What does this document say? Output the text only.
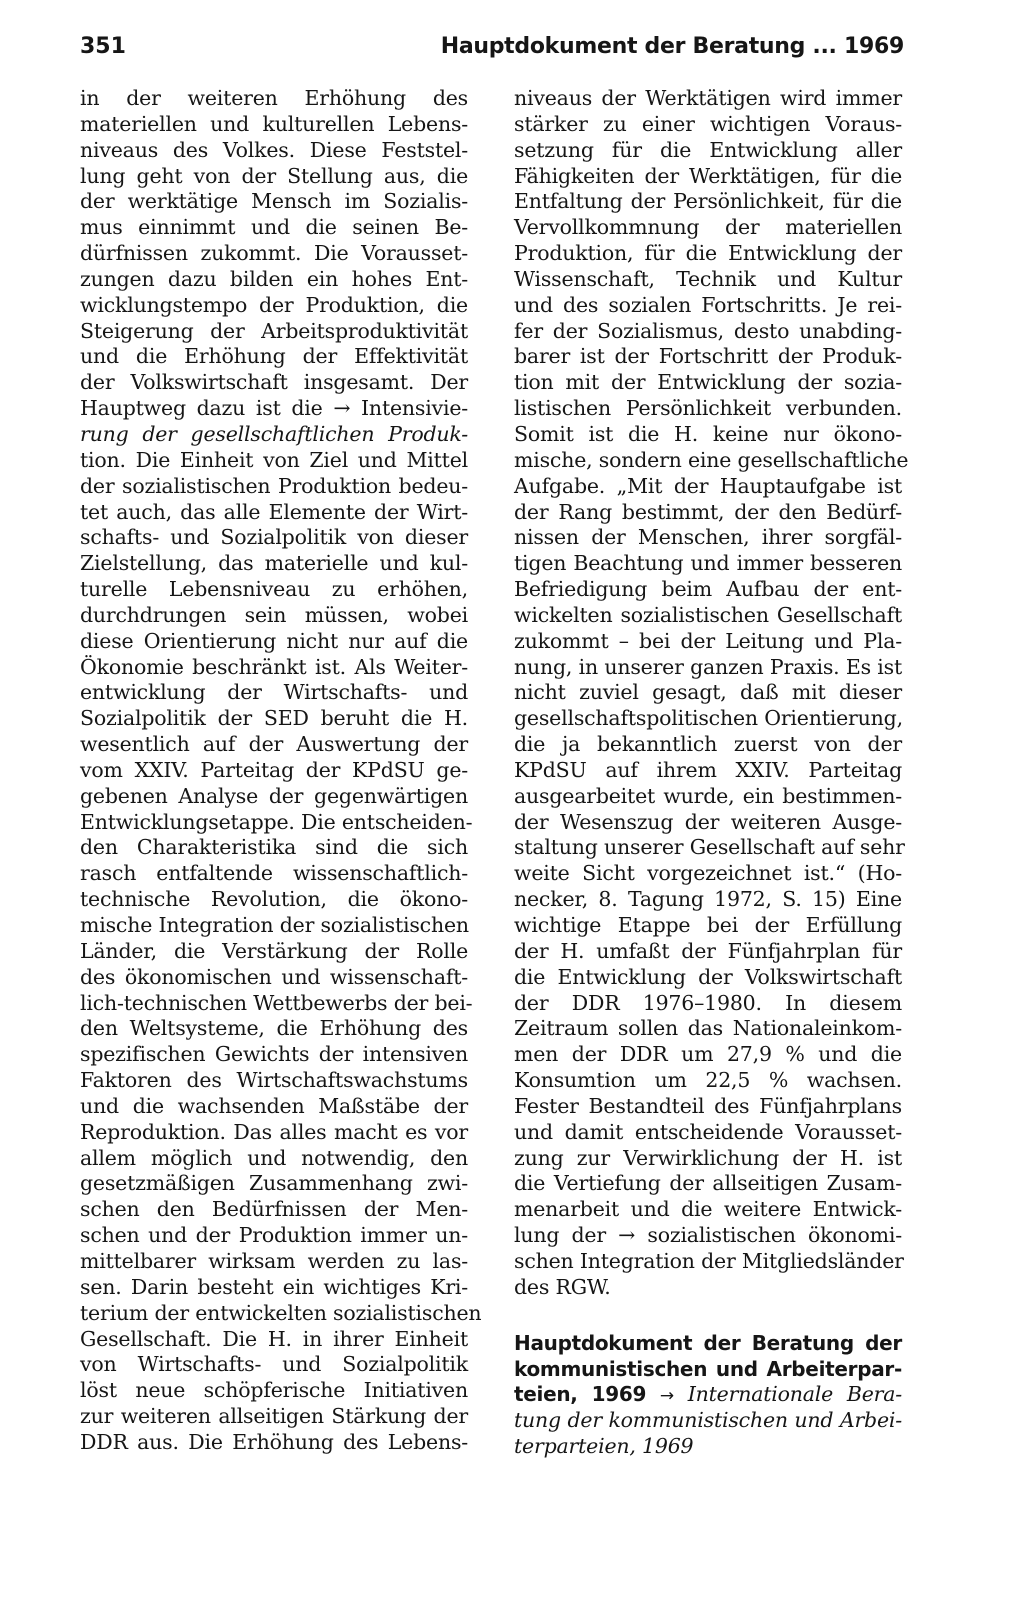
351	Hauptdokument der Beratung ... 1969
in der weiteren Erhöhung des
materiellen und kulturellen Lebens-
niveaus des Volkes. Diese Feststel-
lung geht von der Stellung aus, die
der werktätige Mensch im Sozialis-
mus einnimmt und die seinen Be-
dürfnissen zukommt. Die Vorausset-
zungen dazu bilden ein hohes Ent-
wicklungstempo der Produktion, die
Steigerung der Arbeitsproduktivität
und die Erhöhung der Effektivität
der Volkswirtschaft insgesamt. Der
Hauptweg dazu ist die → Intensivie-
rung der gesellschaftlichen Produk-
tion. Die Einheit von Ziel und Mittel
der sozialistischen Produktion bedeu-
tet auch, das alle Elemente der Wirt-
schafts- und Sozialpolitik von dieser
Zielstellung, das materielle und kul-
turelle Lebensniveau zu erhöhen,
durchdrungen sein müssen, wobei
diese Orientierung nicht nur auf die
Ökonomie beschränkt ist. Als Weiter-
entwicklung der Wirtschafts- und
Sozialpolitik der SED beruht die H.
wesentlich auf der Auswertung der
vom XXIV. Parteitag der KPdSU ge-
gebenen Analyse der gegenwärtigen
Entwicklungsetappe. Die entscheiden-
den Charakteristika sind die sich
rasch entfaltende wissenschaftlich-
technische Revolution, die ökono-
mische Integration der sozialistischen
Länder, die Verstärkung der Rolle
des ökonomischen und wissenschaft-
lich-technischen Wettbewerbs der bei-
den Weltsysteme, die Erhöhung des
spezifischen Gewichts der intensiven
Faktoren des Wirtschaftswachstums
und die wachsenden Maßstäbe der
Reproduktion. Das alles macht es vor
allem möglich und notwendig, den
gesetzmäßigen Zusammenhang zwi-
schen den Bedürfnissen der Men-
schen und der Produktion immer un-
mittelbarer wirksam werden zu las-
sen. Darin besteht ein wichtiges Kri-
terium der entwickelten sozialistischen
Gesellschaft. Die H. in ihrer Einheit
von Wirtschafts- und Sozialpolitik
löst neue schöpferische Initiativen
zur weiteren allseitigen Stärkung der
DDR aus. Die Erhöhung des Lebens-
niveaus der Werktätigen wird immer
stärker zu einer wichtigen Voraus-
setzung für die Entwicklung aller
Fähigkeiten der Werktätigen, für die
Entfaltung der Persönlichkeit, für die
Vervollkommnung der materiellen
Produktion, für die Entwicklung der
Wissenschaft, Technik und Kultur
und des sozialen Fortschritts. Je rei-
fer der Sozialismus, desto unabding-
barer ist der Fortschritt der Produk-
tion mit der Entwicklung der sozia-
listischen Persönlichkeit verbunden.
Somit ist die H. keine nur ökono-
mische, sondern eine gesellschaftliche
Aufgabe. „Mit der Hauptaufgabe ist
der Rang bestimmt, der den Bedürf-
nissen der Menschen, ihrer sorgfäl-
tigen Beachtung und immer besseren
Befriedigung beim Aufbau der ent-
wickelten sozialistischen Gesellschaft
zukommt – bei der Leitung und Pla-
nung, in unserer ganzen Praxis. Es ist
nicht zuviel gesagt, daß mit dieser
gesellschaftspolitischen Orientierung,
die ja bekanntlich zuerst von der
KPdSU auf ihrem XXIV. Parteitag
ausgearbeitet wurde, ein bestimmen-
der Wesenszug der weiteren Ausge-
staltung unserer Gesellschaft auf sehr
weite Sicht vorgezeichnet ist.“ (Ho-
necker, 8. Tagung 1972, S. 15) Eine
wichtige Etappe bei der Erfüllung
der H. umfaßt der Fünfjahrplan für
die Entwicklung der Volkswirtschaft
der DDR 1976–1980. In diesem
Zeitraum sollen das Nationaleinkom-
men der DDR um 27,9 % und die
Konsumtion um 22,5 % wachsen.
Fester Bestandteil des Fünfjahrplans
und damit entscheidende Vorausset-
zung zur Verwirklichung der H. ist
die Vertiefung der allseitigen Zusam-
menarbeit und die weitere Entwick-
lung der → sozialistischen ökonomi-
schen Integration der Mitgliedsländer
des RGW.
Hauptdokument der Beratung der
kommunistischen und Arbeiterpar-
teien, 1969 → Internationale Bera-
tung der kommunistischen und Arbei-
terparteien, 1969
